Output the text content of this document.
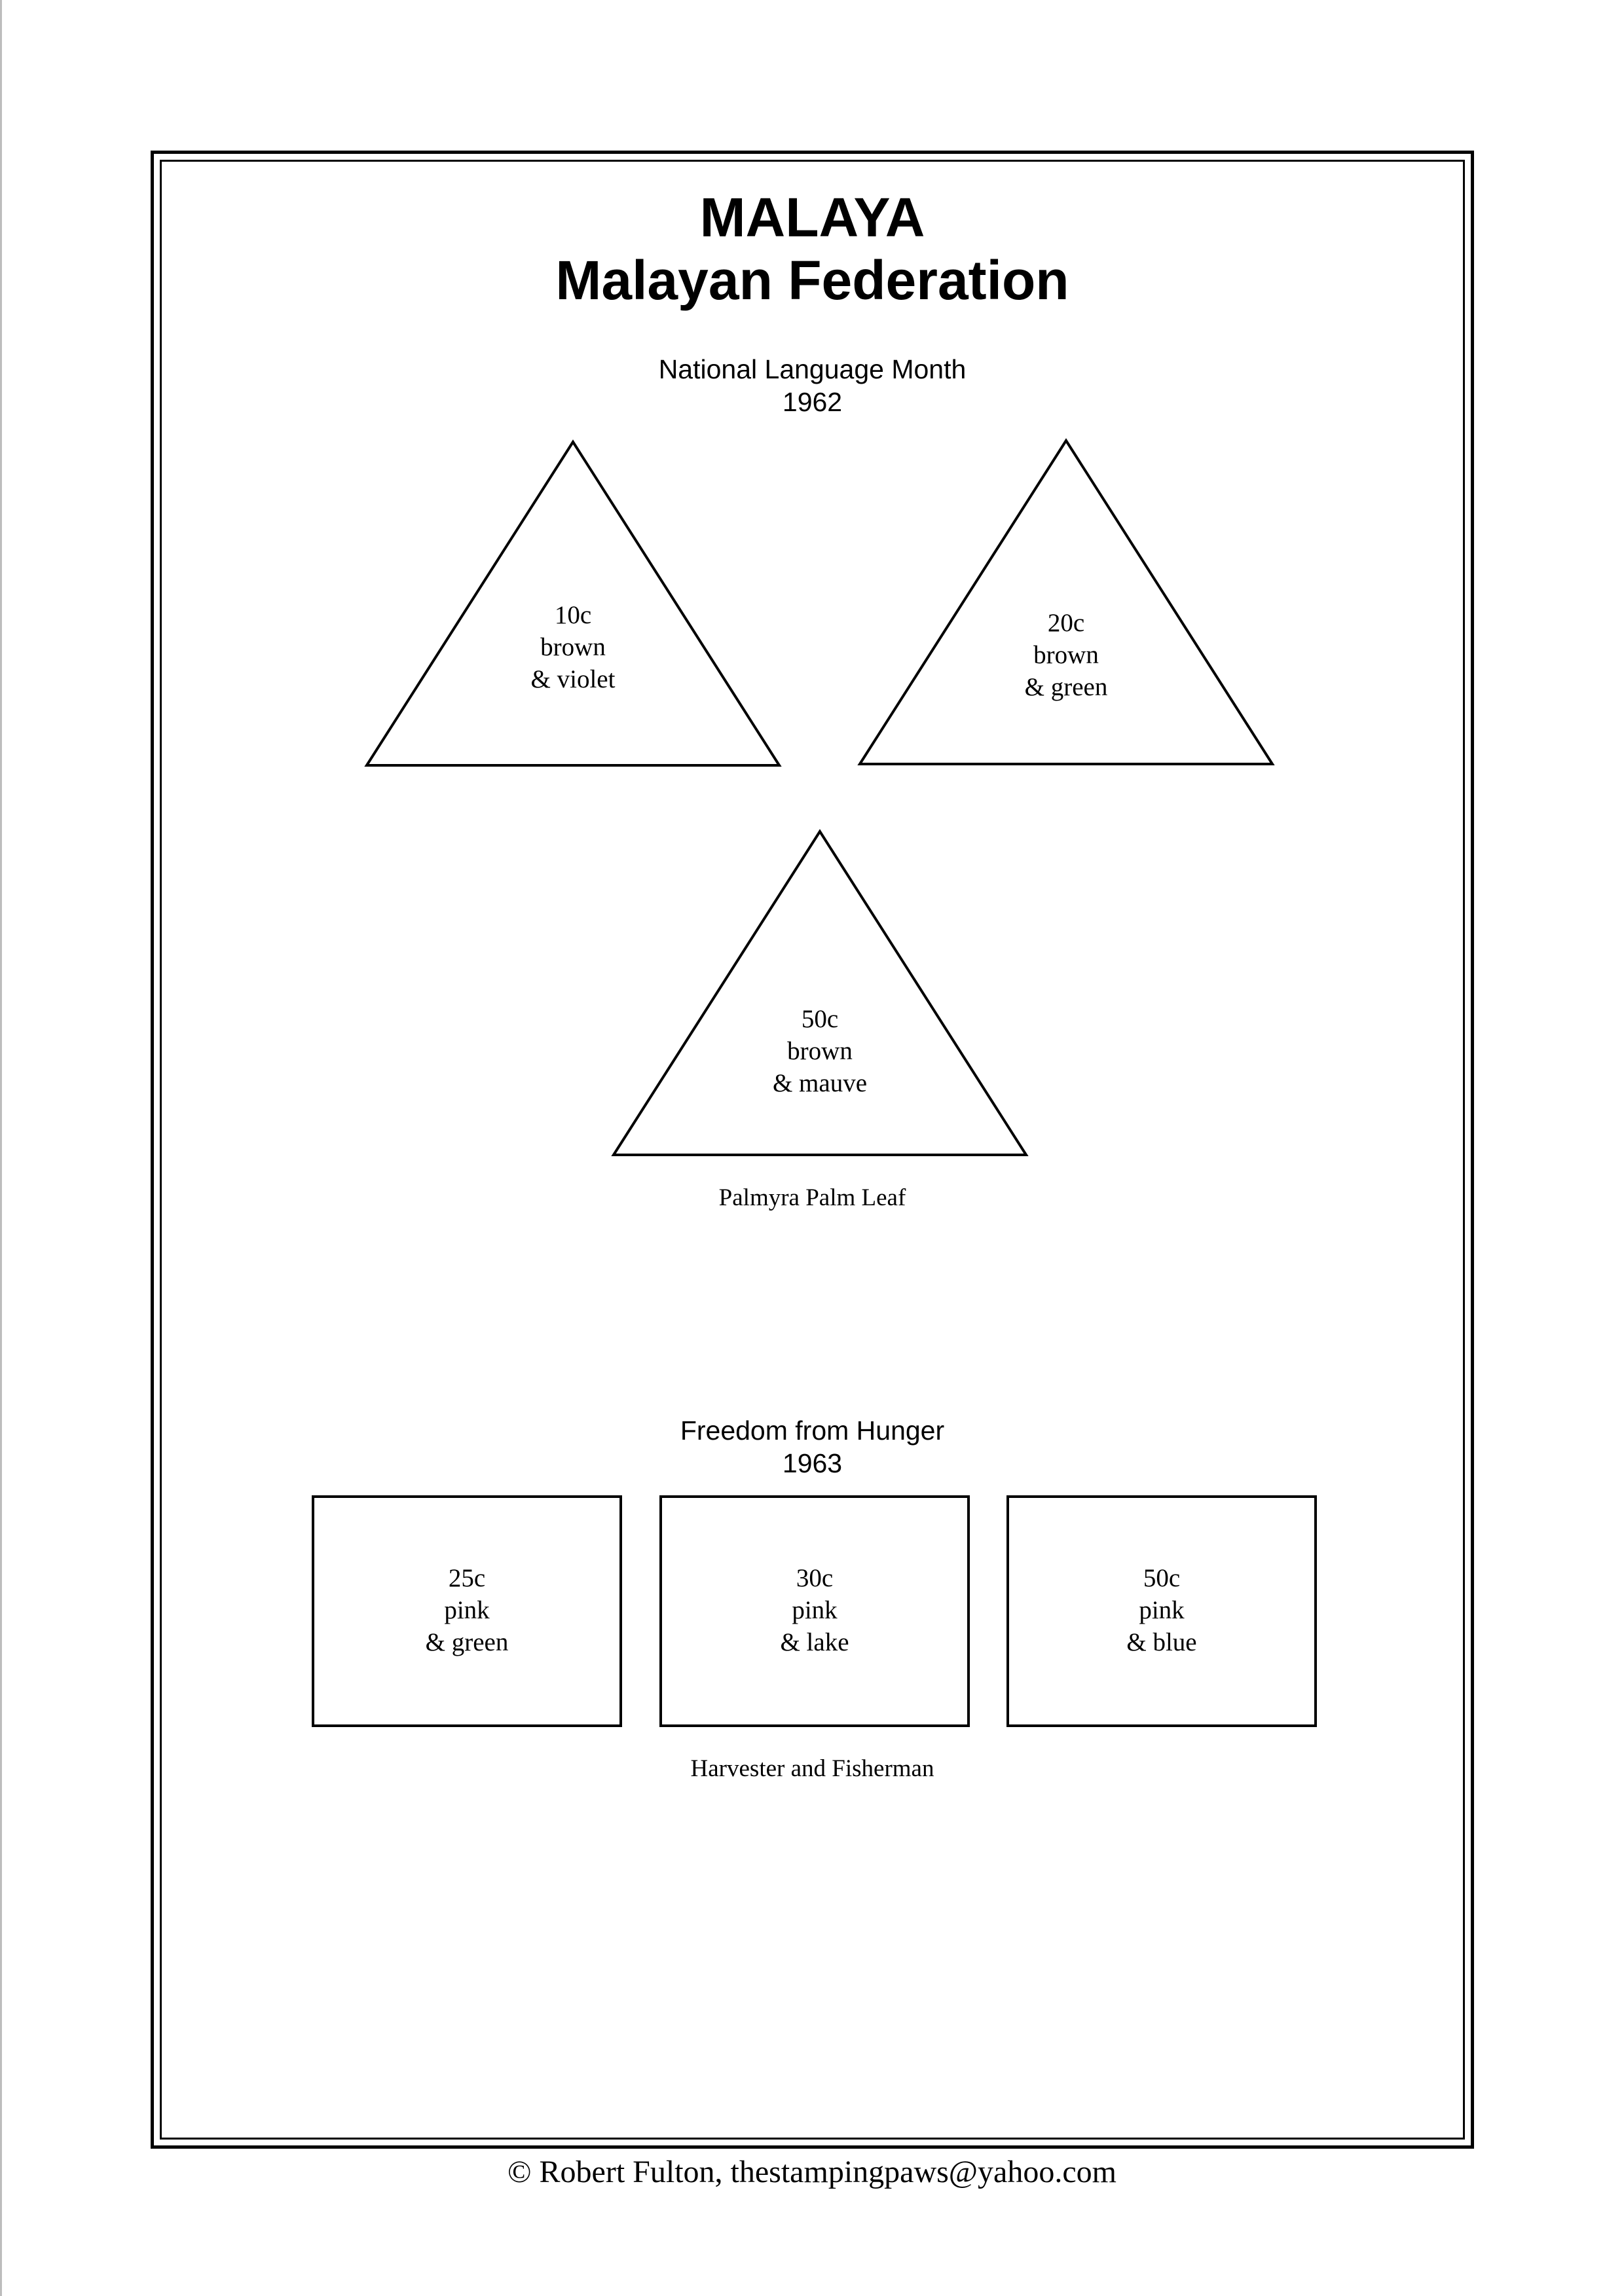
MALAYA
Malayan Federation
National Language Month
1962
10c
brown
& violet
20c
brown
& green
50c
brown
& mauve
Palmyra Palm Leaf
Freedom from Hunger
1963
25c
pink
& green
30c
pink
& lake
50c
pink
& blue
Harvester and Fisherman
© Robert Fulton, thestampingpaws@yahoo.com
